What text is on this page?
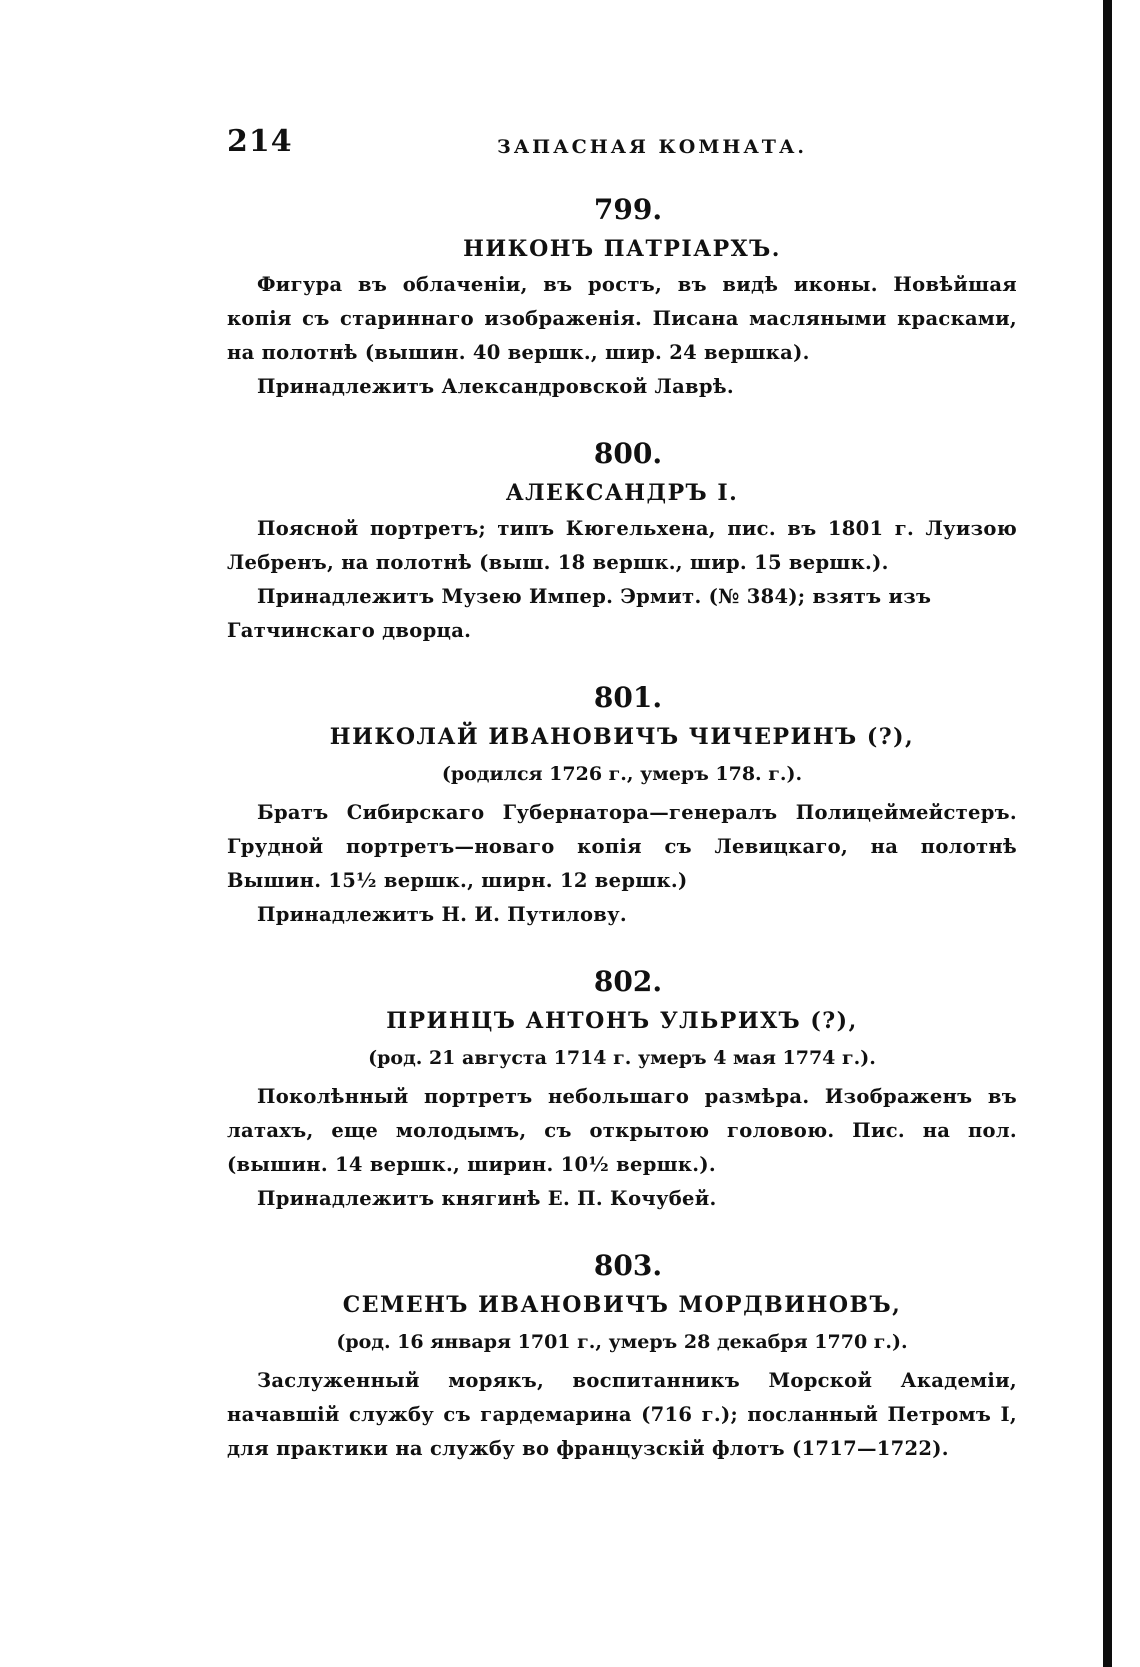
214	ЗАПАСНАЯ КОМНАТА.
799.
НИКОНЪ ПАТРIАРХЪ.

Фигура въ облаченiи, въ ростъ, въ видѣ иконы. Новѣйшая копiя съ стариннаго изображенiя. Писана масляными красками, на полотнѣ (вышин. 40 вершк., шир. 24 вершка).

Принадлежитъ Александровской Лаврѣ.

800.
АЛЕКСАНДРЪ I.

Поясной портретъ; типъ Кюгельхена, пис. въ 1801 г. Луизою Лебренъ, на полотнѣ (выш. 18 вершк., шир. 15 вершк.).

Принадлежитъ Музею Импер. Эрмит. (№ 384); взятъ изъ Гатчинскаго дворца.

801.
НИКОЛАЙ ИВАНОВИЧЪ ЧИЧЕРИНЪ (?),
(родился 1726 г., умеръ 178. г.).

Братъ Сибирскаго Губернатора—генералъ Полицеймейстеръ. Грудной портретъ—новаго копiя съ Левицкаго, на полотнѣ Вышин. 15½ вершк., ширн. 12 вершк.)

Принадлежитъ Н. И. Путилову.

802.
ПРИНЦЪ АНТОНЪ УЛЬРИХЪ (?),
(род. 21 августа 1714 г. умеръ 4 мая 1774 г.).

Поколѣнный портретъ небольшаго размѣра. Изображенъ въ латахъ, еще молодымъ, съ открытою головою. Пис. на пол. (вышин. 14 вершк., ширин. 10½ вершк.).

Принадлежитъ княгинѣ Е. П. Кочубей.

803.
СЕМЕНЪ ИВАНОВИЧЪ МОРДВИНОВЪ,
(род. 16 января 1701 г., умеръ 28 декабря 1770 г.).

Заслуженный морякъ, воспитанникъ Морской Академiи, начавшiй службу съ гардемарина (716 г.); посланный Петромъ I, для практики на службу во французскiй флотъ (1717—1722).
